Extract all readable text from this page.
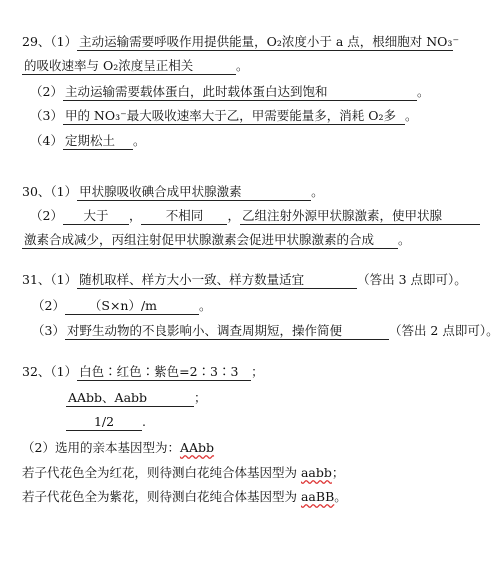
29、（1） 主动运输需要呼吸作用提供能量，O₂浓度小于 a 点，根细胞对 NO₃⁻
的吸收速率与 O₂浓度呈正相关	。
（2） 主动运输需要载体蛋白，此时载体蛋白达到饱和	。
（3） 甲的 NO₃⁻最大吸收速率大于乙，甲需要能量多，消耗 O₂多 。
（4） 定期松土 。
30、（1） 甲状腺吸收碘合成甲状腺激素	。
（2） 大于 ， 不相同 ， 乙组注射外源甲状腺激素，使甲状腺
激素合成减少，丙组注射促甲状腺激素会促进甲状腺激素的合成 。
31、（1） 随机取样、样方大小一致、样方数量适宜	（答出 3 点即可）。
（2） （S×n）/m	。
（3） 对野生动物的不良影响小、调查周期短，操作简便	（答出 2 点即可）。
32、（1） 白色∶红色∶紫色=2∶3∶3 ；
AAbb、Aabb	；
1/2 .
（2）选用的亲本基因型为：AAbb
若子代花色全为红花，则待测白花纯合体基因型为 aabb；
若子代花色全为紫花，则待测白花纯合体基因型为 aaBB。
